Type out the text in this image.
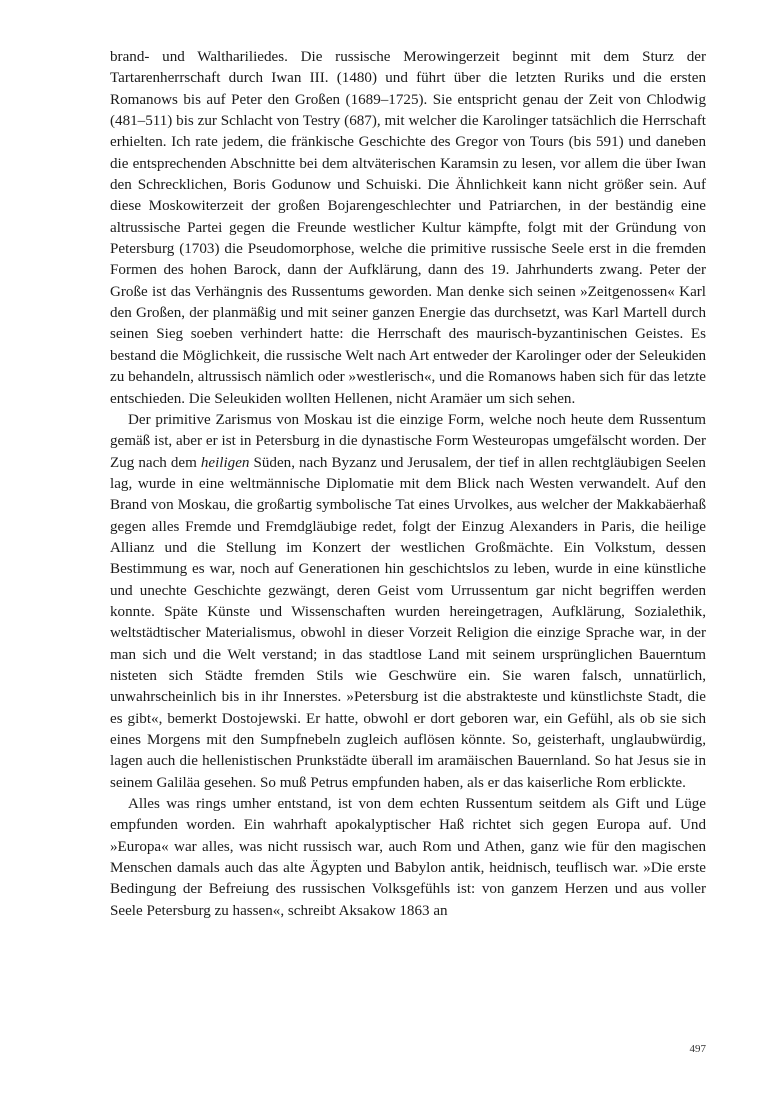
brand- und Walthariliedes. Die russische Merowingerzeit beginnt mit dem Sturz der Tartarenherrschaft durch Iwan III. (1480) und führt über die letzten Ruriks und die ersten Romanows bis auf Peter den Großen (1689–1725). Sie entspricht genau der Zeit von Chlodwig (481–511) bis zur Schlacht von Testry (687), mit welcher die Karolinger tatsächlich die Herrschaft erhielten. Ich rate jedem, die fränkische Geschichte des Gregor von Tours (bis 591) und daneben die entsprechenden Abschnitte bei dem altväterischen Karamsin zu lesen, vor allem die über Iwan den Schrecklichen, Boris Godunow und Schuiski. Die Ähnlichkeit kann nicht größer sein. Auf diese Moskowiterzeit der großen Bojarengeschlechter und Patriarchen, in der beständig eine altrussische Partei gegen die Freunde westlicher Kultur kämpfte, folgt mit der Gründung von Petersburg (1703) die Pseudomorphose, welche die primitive russische Seele erst in die fremden Formen des hohen Barock, dann der Aufklärung, dann des 19. Jahrhunderts zwang. Peter der Große ist das Verhängnis des Russentums geworden. Man denke sich seinen »Zeitgenossen« Karl den Großen, der planmäßig und mit seiner ganzen Energie das durchsetzt, was Karl Martell durch seinen Sieg soeben verhindert hatte: die Herrschaft des maurisch-byzantinischen Geistes. Es bestand die Möglichkeit, die russische Welt nach Art entweder der Karolinger oder der Seleukiden zu behandeln, altrussisch nämlich oder »westlerisch«, und die Romanows haben sich für das letzte entschieden. Die Seleukiden wollten Hellenen, nicht Aramäer um sich sehen.

Der primitive Zarismus von Moskau ist die einzige Form, welche noch heute dem Russentum gemäß ist, aber er ist in Petersburg in die dynastische Form Westeuropas umgefälscht worden. Der Zug nach dem heiligen Süden, nach Byzanz und Jerusalem, der tief in allen rechtgläubigen Seelen lag, wurde in eine weltmännische Diplomatie mit dem Blick nach Westen verwandelt. Auf den Brand von Moskau, die großartig symbolische Tat eines Urvolkes, aus welcher der Makkabäerhaß gegen alles Fremde und Fremdgläubige redet, folgt der Einzug Alexanders in Paris, die heilige Allianz und die Stellung im Konzert der westlichen Großmächte. Ein Volkstum, dessen Bestimmung es war, noch auf Generationen hin geschichtslos zu leben, wurde in eine künstliche und unechte Geschichte gezwängt, deren Geist vom Urrussentum gar nicht begriffen werden konnte. Späte Künste und Wissenschaften wurden hereingetragen, Aufklärung, Sozialethik, weltstädtischer Materialismus, obwohl in dieser Vorzeit Religion die einzige Sprache war, in der man sich und die Welt verstand; in das stadtlose Land mit seinem ursprünglichen Bauerntum nisteten sich Städte fremden Stils wie Geschwüre ein. Sie waren falsch, unnatürlich, unwahrscheinlich bis in ihr Innerstes. »Petersburg ist die abstrakteste und künstlichste Stadt, die es gibt«, bemerkt Dostojewski. Er hatte, obwohl er dort geboren war, ein Gefühl, als ob sie sich eines Morgens mit den Sumpfnebeln zugleich auflösen könnte. So, geisterhaft, unglaubwürdig, lagen auch die hellenistischen Prunkstädte überall im aramäischen Bauernland. So hat Jesus sie in seinem Galiläa gesehen. So muß Petrus empfunden haben, als er das kaiserliche Rom erblickte.

Alles was rings umher entstand, ist von dem echten Russentum seitdem als Gift und Lüge empfunden worden. Ein wahrhaft apokalyptischer Haß richtet sich gegen Europa auf. Und »Europa« war alles, was nicht russisch war, auch Rom und Athen, ganz wie für den magischen Menschen damals auch das alte Ägypten und Babylon antik, heidnisch, teuflisch war. »Die erste Bedingung der Befreiung des russischen Volksgefühls ist: von ganzem Herzen und aus voller Seele Petersburg zu hassen«, schreibt Aksakow 1863 an

497
